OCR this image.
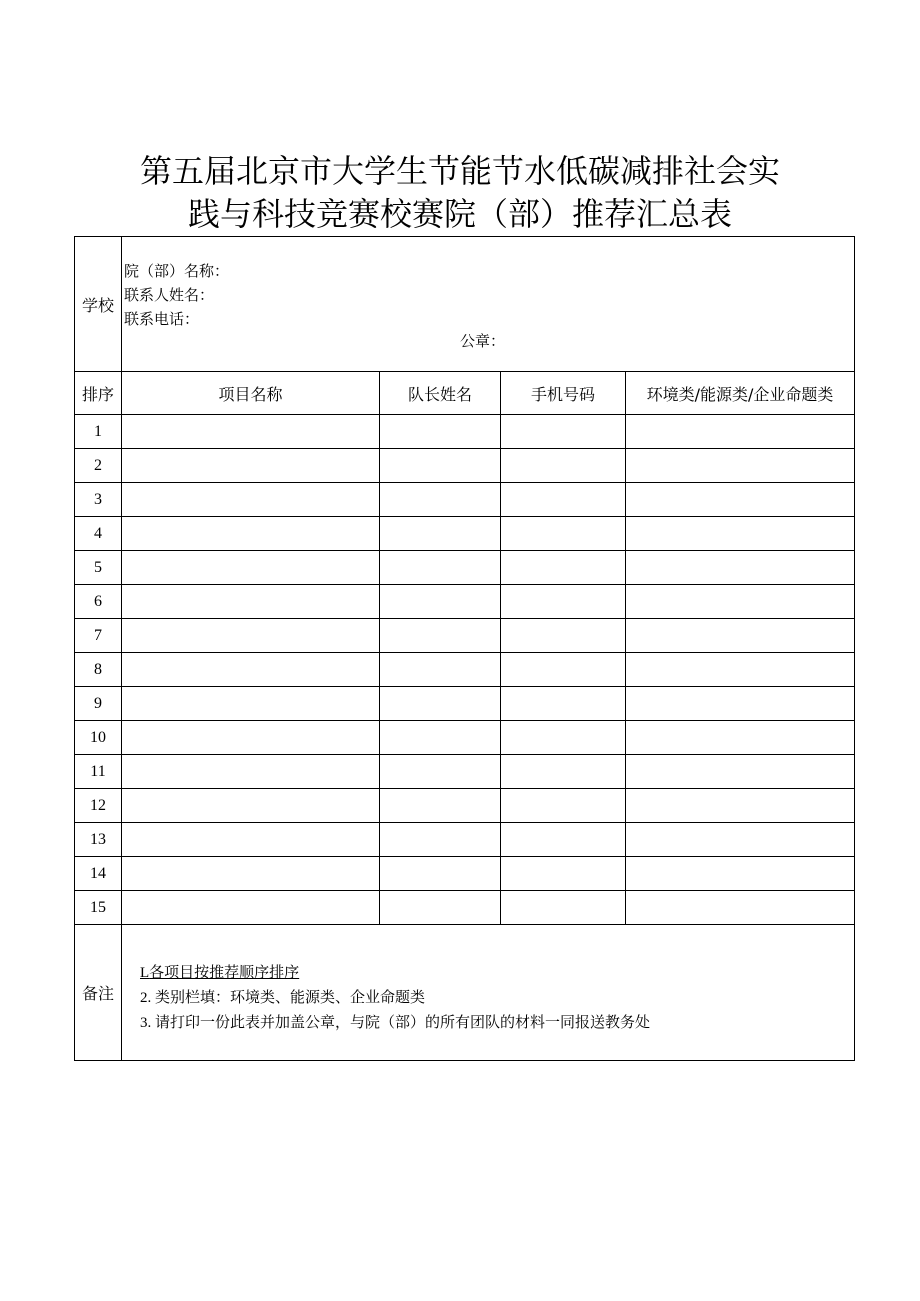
第五届北京市大学生节能节水低碳减排社会实
践与科技竞赛校赛院（部）推荐汇总表
学校	院（部）名称：
联系人姓名：
联系电话：
公章：			

排序	项目名称	队长姓名	手机号码	环境类/能源类/企业命题类
1				
2				
3				
4				
5				
6				
7				
8				
9				
10				
11				
12				
13				
14				
15				
备注	L各项目按推荐顺序排序
2. 类别栏填：环境类、能源类、企业命题类
3. 请打印一份此表并加盖公章，与院（部）的所有团队的材料一同报送教务处			
